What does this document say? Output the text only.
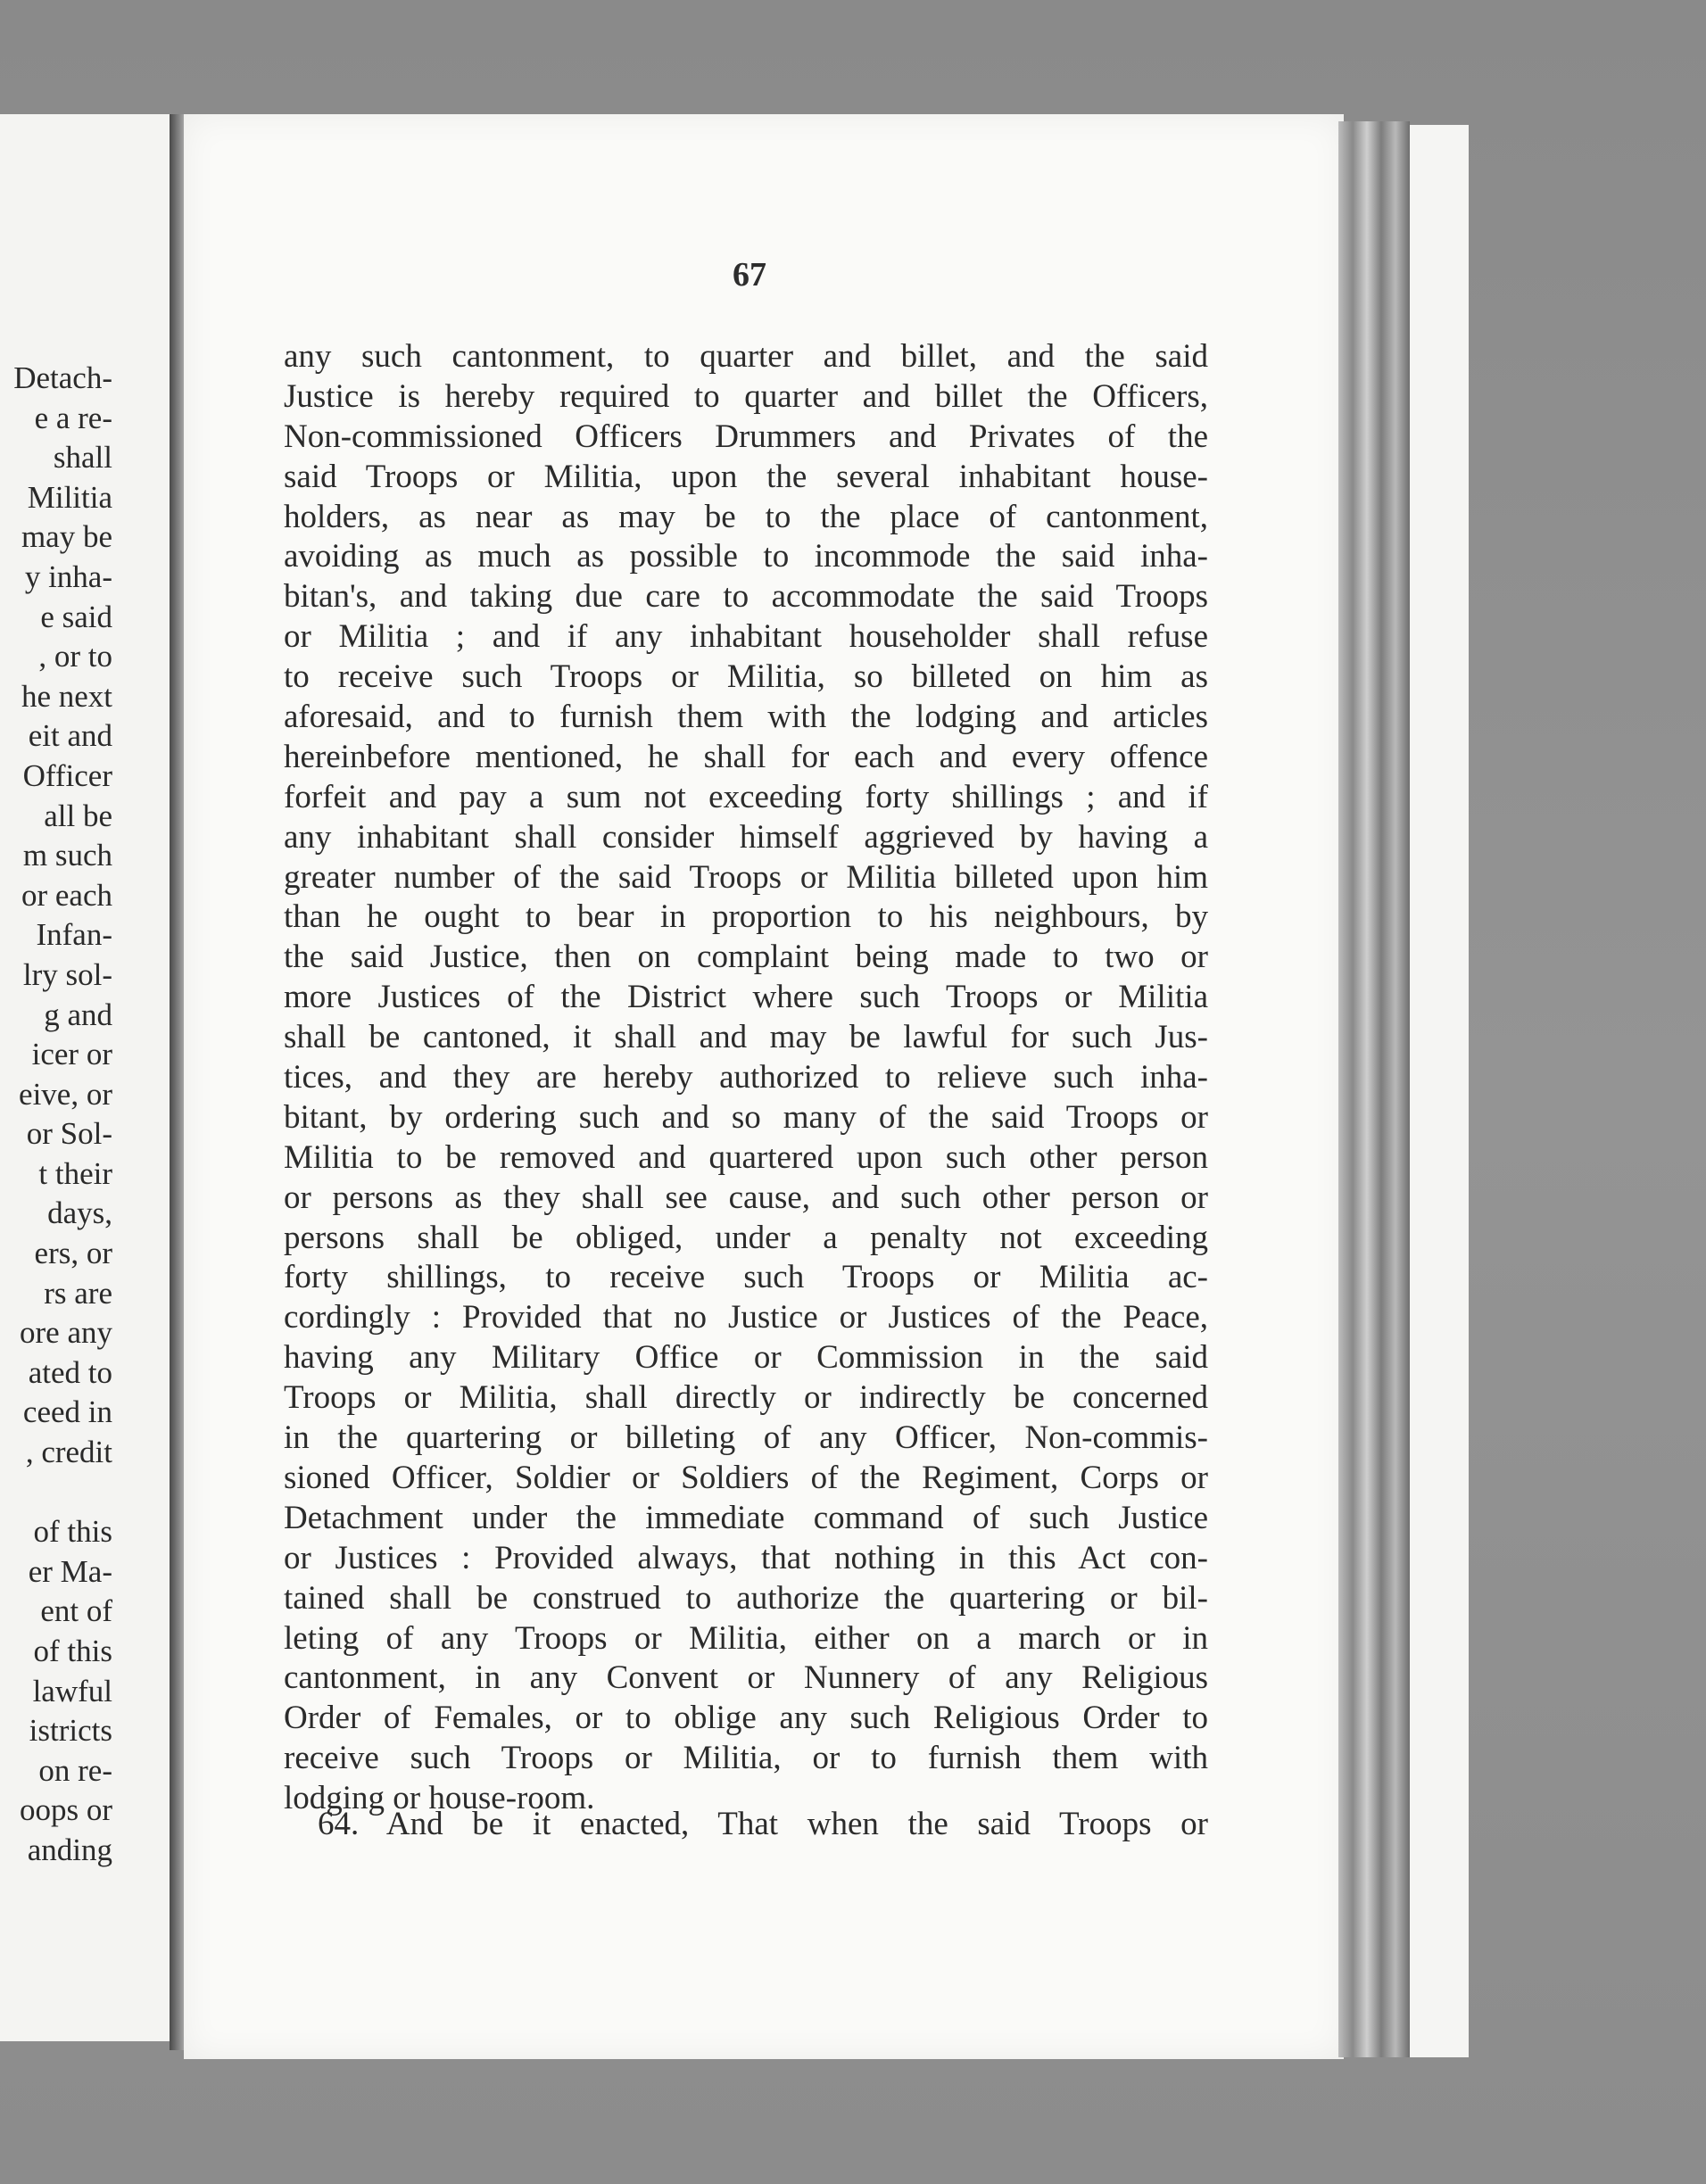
Detach-
e a re-
shall
Militia
may be
y inha-
e said
, or to
he next
eit and
Officer
all be
m such
or each
Infan-
lry sol-
g and
icer or
eive, or
or Sol-
t their
days,
ers, or
rs are
ore any
ated to
ceed in
, credit
of this
er Ma-
ent of
of this
lawful
istricts
on re-
oops or
anding
67
any such cantonment, to quarter and billet, and the said
Justice is hereby required to quarter and billet the Officers,
Non-commissioned Officers Drummers and Privates of the
said Troops or Militia, upon the several inhabitant house-
holders, as near as may be to the place of cantonment,
avoiding as much as possible to incommode the said inha-
bitan's, and taking due care to accommodate the said Troops
or Militia ; and if any inhabitant householder shall refuse
to receive such Troops or Militia, so billeted on him as
aforesaid, and to furnish them with the lodging and articles
hereinbefore mentioned, he shall for each and every offence
forfeit and pay a sum not exceeding forty shillings ; and if
any inhabitant shall consider himself aggrieved by having a
greater number of the said Troops or Militia billeted upon him
than he ought to bear in proportion to his neighbours, by
the said Justice, then on complaint being made to two or
more Justices of the District where such Troops or Militia
shall be cantoned, it shall and may be lawful for such Jus-
tices, and they are hereby authorized to relieve such inha-
bitant, by ordering such and so many of the said Troops or
Militia to be removed and quartered upon such other person
or persons as they shall see cause, and such other person or
persons shall be obliged, under a penalty not exceeding
forty shillings, to receive such Troops or Militia ac-
cordingly : Provided that no Justice or Justices of the Peace,
having any Military Office or Commission in the said
Troops or Militia, shall directly or indirectly be concerned
in the quartering or billeting of any Officer, Non-commis-
sioned Officer, Soldier or Soldiers of the Regiment, Corps or
Detachment under the immediate command of such Justice
or Justices : Provided always, that nothing in this Act con-
tained shall be construed to authorize the quartering or bil-
leting of any Troops or Militia, either on a march or in
cantonment, in any Convent or Nunnery of any Religious
Order of Females, or to oblige any such Religious Order to
receive such Troops or Militia, or to furnish them with
lodging or house-room.
64. And be it enacted, That when the said Troops or
